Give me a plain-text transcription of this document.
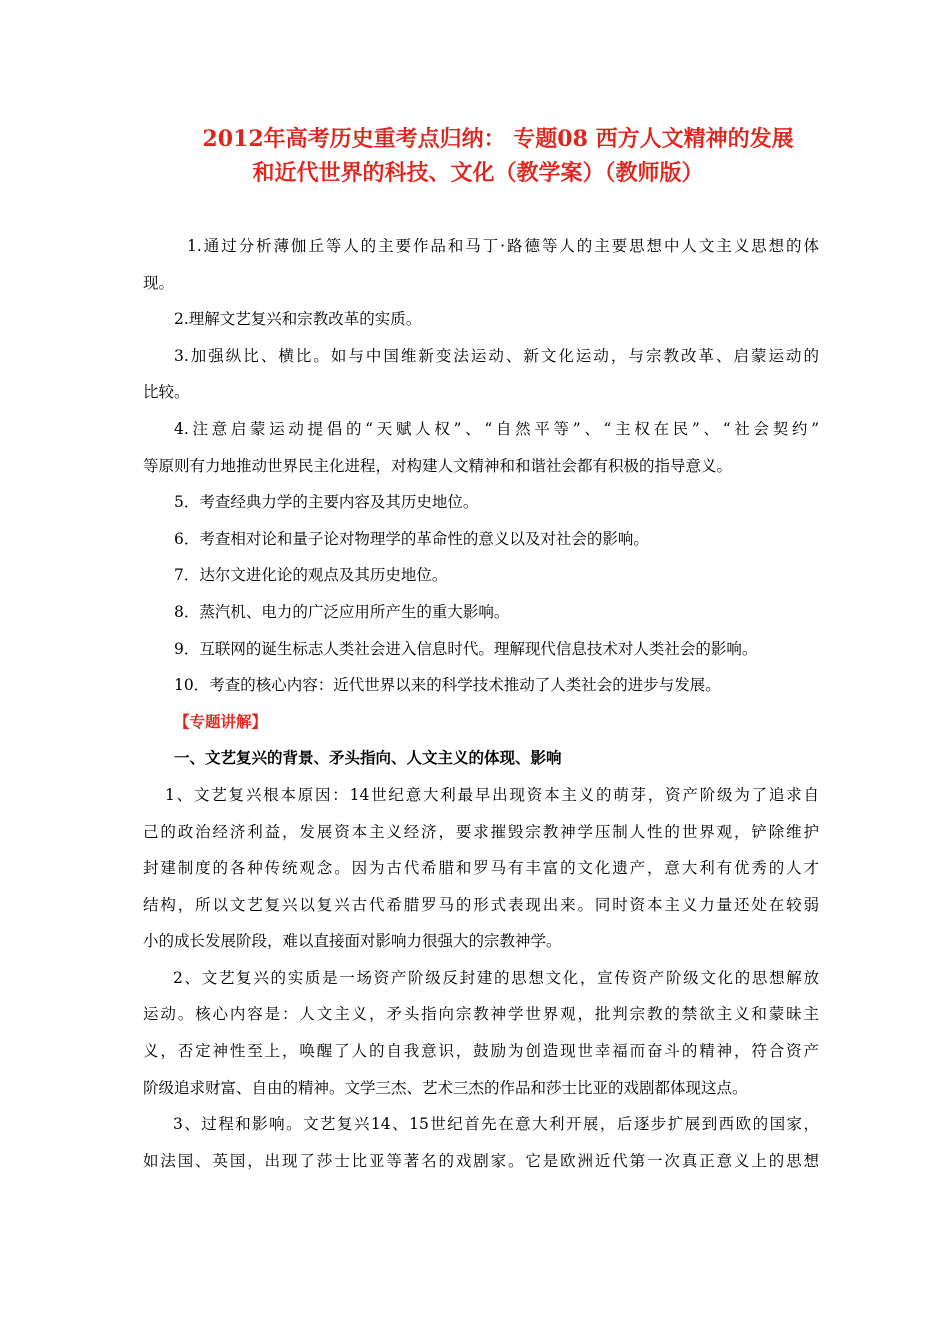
2012年高考历史重考点归纳： 专题08 西方人文精神的发展
和近代世界的科技、文化（教学案）（教师版）
1.通过分析薄伽丘等人的主要作品和马丁·路德等人的主要思想中人文主义思想的体
现。
2.理解文艺复兴和宗教改革的实质。
3.加强纵比、横比。如与中国维新变法运动、新文化运动，与宗教改革、启蒙运动的
比较。
4.注意启蒙运动提倡的“天赋人权”、“自然平等”、“主权在民”、“社会契约”
等原则有力地推动世界民主化进程，对构建人文精神和和谐社会都有积极的指导意义。
5．考查经典力学的主要内容及其历史地位。
6．考查相对论和量子论对物理学的革命性的意义以及对社会的影响。
7．达尔文进化论的观点及其历史地位。
8．蒸汽机、电力的广泛应用所产生的重大影响。
9．互联网的诞生标志人类社会进入信息时代。理解现代信息技术对人类社会的影响。
10．考查的核心内容：近代世界以来的科学技术推动了人类社会的进步与发展。
【专题讲解】
一、文艺复兴的背景、矛头指向、人文主义的体现、影响
1、文艺复兴根本原因：14世纪意大利最早出现资本主义的萌芽，资产阶级为了追求自
己的政治经济利益，发展资本主义经济，要求摧毁宗教神学压制人性的世界观，铲除维护
封建制度的各种传统观念。因为古代希腊和罗马有丰富的文化遗产，意大利有优秀的人才
结构，所以文艺复兴以复兴古代希腊罗马的形式表现出来。同时资本主义力量还处在较弱
小的成长发展阶段，难以直接面对影响力很强大的宗教神学。
2、文艺复兴的实质是一场资产阶级反封建的思想文化，宣传资产阶级文化的思想解放
运动。核心内容是：人文主义，矛头指向宗教神学世界观，批判宗教的禁欲主义和蒙昧主
义，否定神性至上，唤醒了人的自我意识，鼓励为创造现世幸福而奋斗的精神，符合资产
阶级追求财富、自由的精神。文学三杰、艺术三杰的作品和莎士比亚的戏剧都体现这点。
3、过程和影响。文艺复兴14、15世纪首先在意大利开展，后逐步扩展到西欧的国家，
如法国、英国，出现了莎士比亚等著名的戏剧家。它是欧洲近代第一次真正意义上的思想
